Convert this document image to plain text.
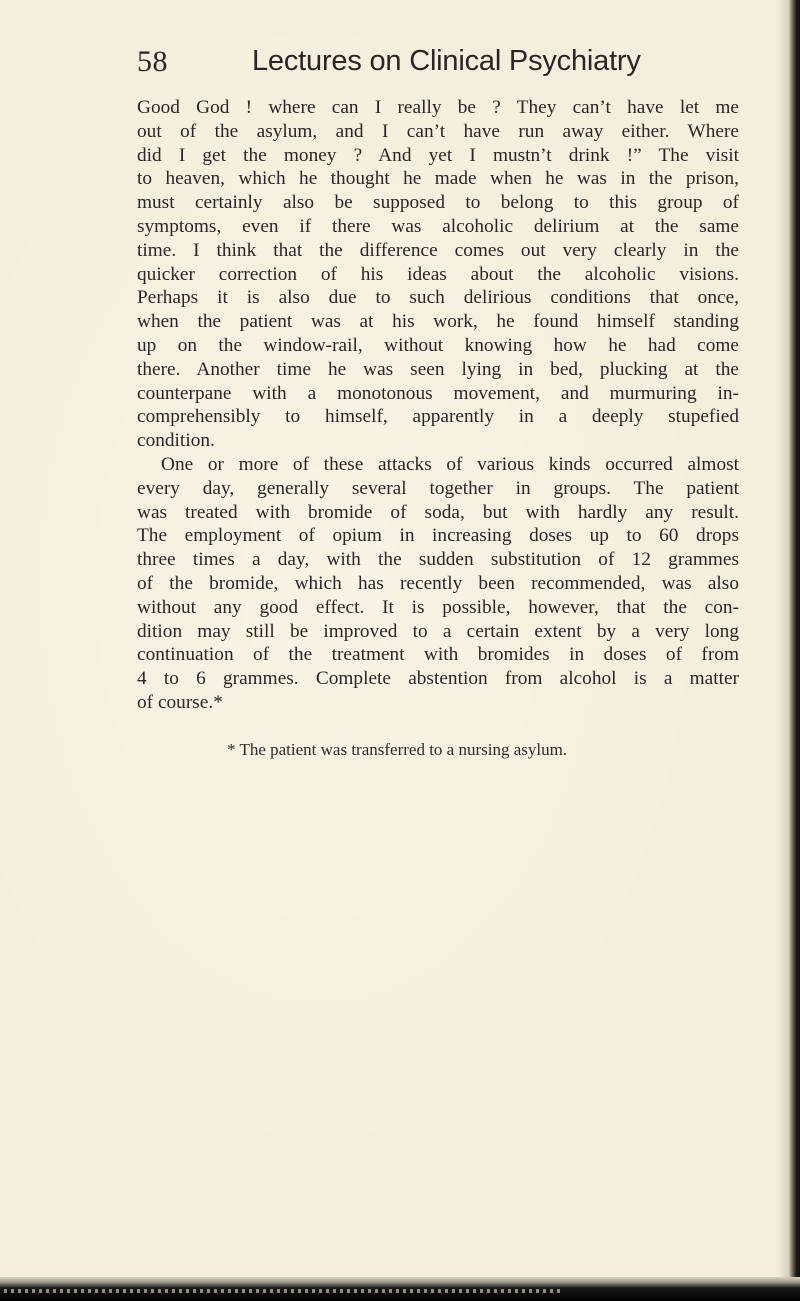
58	Lectures on Clinical Psychiatry
Good God ! where can I really be ? They can’t have let me
out of the asylum, and I can’t have run away either. Where
did I get the money ? And yet I mustn’t drink !” The visit
to heaven, which he thought he made when he was in the prison,
must certainly also be supposed to belong to this group of
symptoms, even if there was alcoholic delirium at the same
time. I think that the difference comes out very clearly in the
quicker correction of his ideas about the alcoholic visions.
Perhaps it is also due to such delirious conditions that once,
when the patient was at his work, he found himself standing
up on the window-rail, without knowing how he had come
there. Another time he was seen lying in bed, plucking at the
counterpane with a monotonous movement, and murmuring in-
comprehensibly to himself, apparently in a deeply stupefied
condition.
One or more of these attacks of various kinds occurred almost
every day, generally several together in groups. The patient
was treated with bromide of soda, but with hardly any result.
The employment of opium in increasing doses up to 60 drops
three times a day, with the sudden substitution of 12 grammes
of the bromide, which has recently been recommended, was also
without any good effect. It is possible, however, that the con-
dition may still be improved to a certain extent by a very long
continuation of the treatment with bromides in doses of from
4 to 6 grammes. Complete abstention from alcohol is a matter
of course.*
* The patient was transferred to a nursing asylum.
